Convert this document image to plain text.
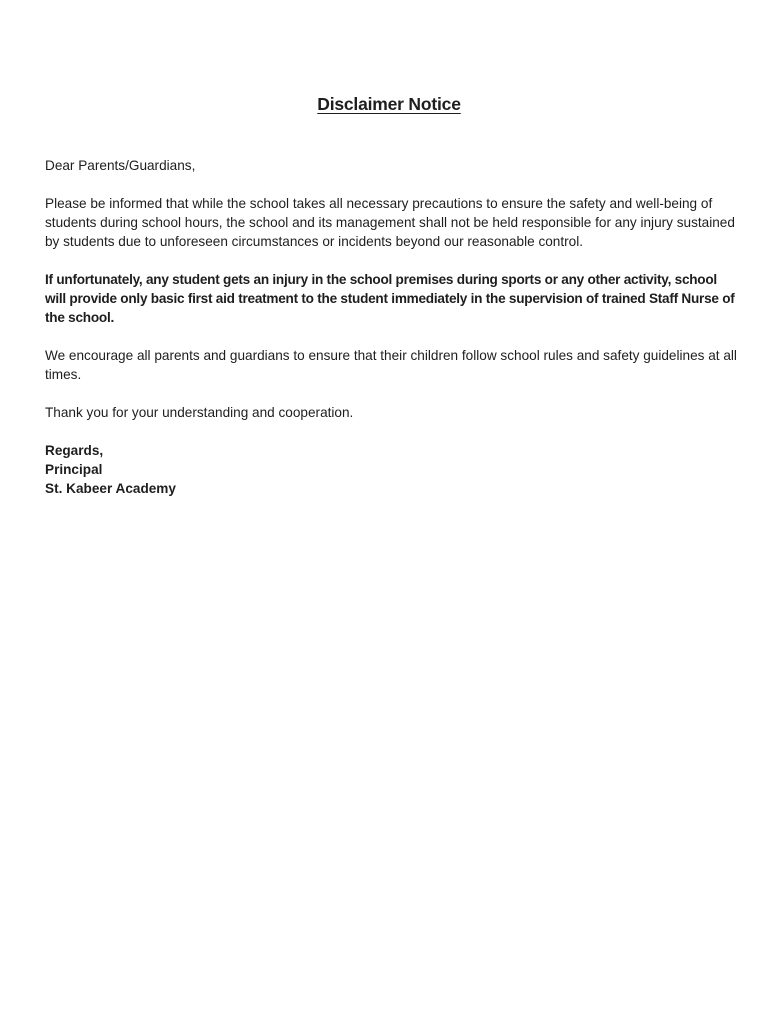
Disclaimer Notice

Dear Parents/Guardians,

Please be informed that while the school takes all necessary precautions to ensure the safety and well-being of students during school hours, the school and its management shall not be held responsible for any injury sustained by students due to unforeseen circumstances or incidents beyond our reasonable control.

If unfortunately, any student gets an injury in the school premises during sports or any other activity, school will provide only basic first aid treatment to the student immediately in the supervision of trained Staff Nurse of the school.

We encourage all parents and guardians to ensure that their children follow school rules and safety guidelines at all times.

Thank you for your understanding and cooperation.

Regards,

Principal

St. Kabeer Academy
